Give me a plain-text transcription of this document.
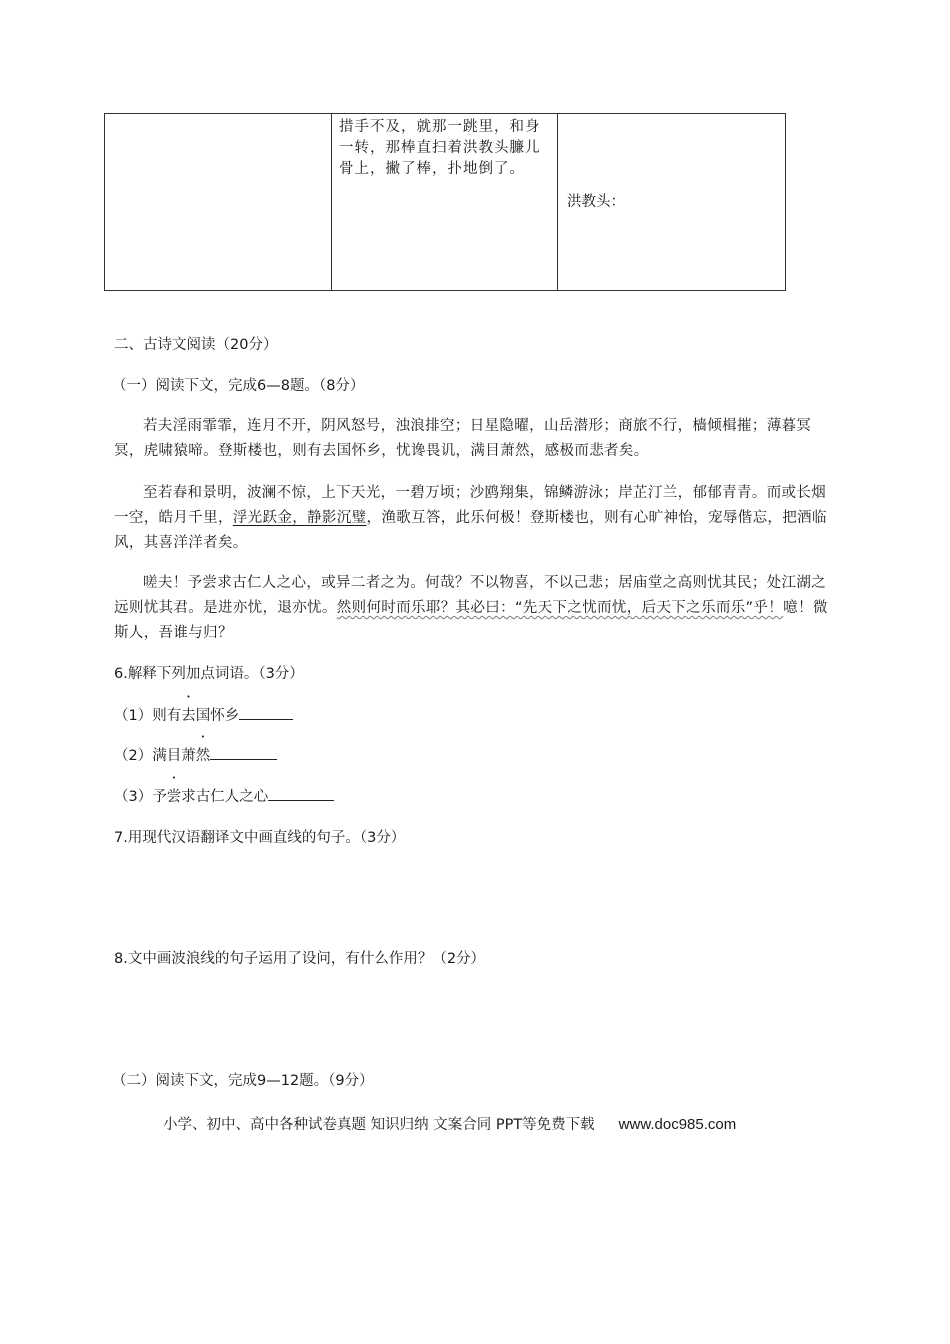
	措手不及，就那一跳里，和身一转，那棒直扫着洪教头臁儿骨上，撇了棒，扑地倒了。	洪教头：
二、古诗文阅读（20分）
（一）阅读下文，完成6—8题。（8分）
若夫淫雨霏霏，连月不开，阴风怒号，浊浪排空；日星隐曜，山岳潜形；商旅不行，樯倾楫摧；薄暮冥冥，虎啸猿啼。登斯楼也，则有去国怀乡，忧谗畏讥，满目萧然，感极而悲者矣。
至若春和景明，波澜不惊，上下天光，一碧万顷；沙鸥翔集，锦鳞游泳；岸芷汀兰，郁郁青青。而或长烟一空，皓月千里，浮光跃金，静影沉璧，渔歌互答，此乐何极！登斯楼也，则有心旷神怡，宠辱偕忘，把酒临风，其喜洋洋者矣。
嗟夫！予尝求古仁人之心，或异二者之为。何哉？不以物喜，不以己悲；居庙堂之高则忧其民；处江湖之远则忧其君。是进亦忧，退亦忧。然则何时而乐耶？其必曰：“先天下之忧而忧，后天下之乐而乐”乎！噫！微斯人，吾谁与归？
6.解释下列加点词语。（3分）
（1）则有去国怀乡
（2）满目萧然
（3）予尝求古仁人之心
7.用现代汉语翻译文中画直线的句子。（3分）
8.文中画波浪线的句子运用了设问，有什么作用？（2分）
（二）阅读下文，完成9—12题。（9分）
小学、初中、高中各种试卷真题 知识归纳 文案合同 PPT等免费下载 www.doc985.com
